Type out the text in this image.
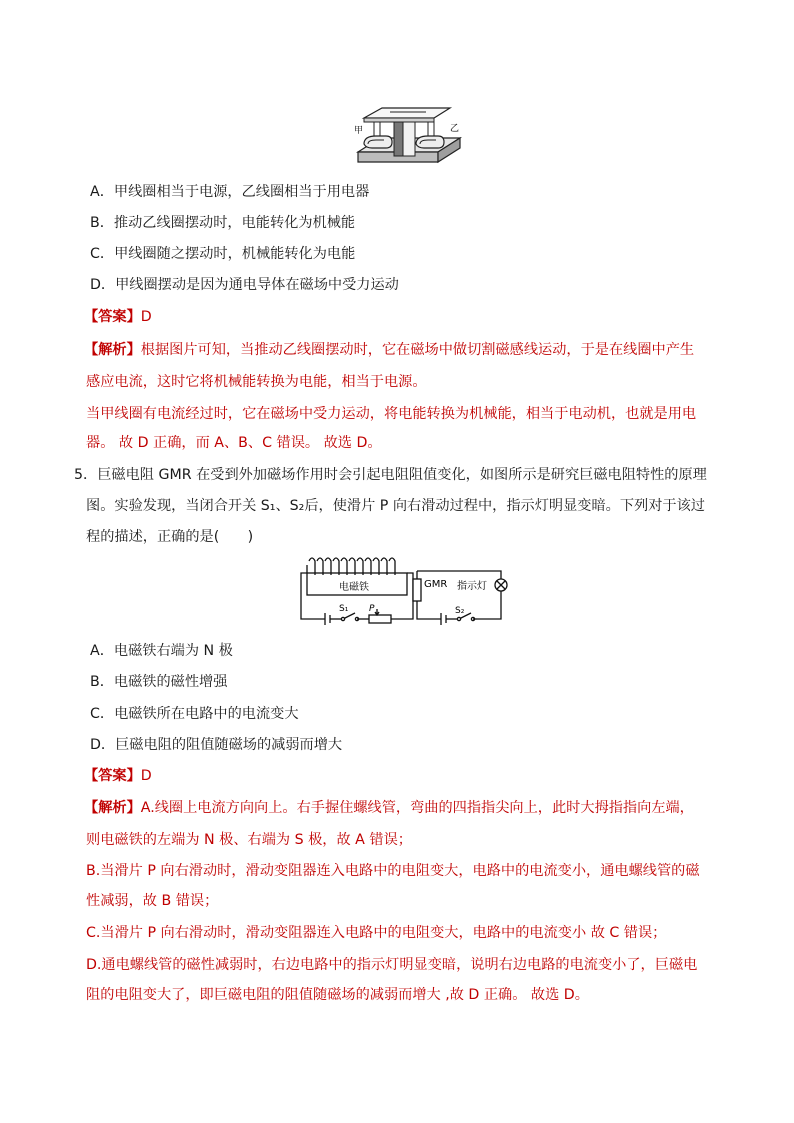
甲	乙
A．甲线圈相当于电源，乙线圈相当于用电器
B．推动乙线圈摆动时，电能转化为机械能
C．甲线圈随之摆动时，机械能转化为电能
D．甲线圈摆动是因为通电导体在磁场中受力运动
【答案】D
【解析】根据图片可知，当推动乙线圈摆动时，它在磁场中做切割磁感线运动，于是在线圈中产生
感应电流，这时它将机械能转换为电能，相当于电源。
当甲线圈有电流经过时，它在磁场中受力运动，将电能转换为机械能，相当于电动机，也就是用电
器。 故 D 正确，而 A、B、C 错误。 故选 D。
5．巨磁电阻 GMR 在受到外加磁场作用时会引起电阻阻值变化，如图所示是研究巨磁电阻特性的原理
图。实验发现，当闭合开关 S₁、S₂后，使滑片 P 向右滑动过程中，指示灯明显变暗。下列对于该过
程的描述，正确的是(　　)
电磁铁
S₁ P
GMR 指示灯
S₂
A．电磁铁右端为 N 极
B．电磁铁的磁性增强
C．电磁铁所在电路中的电流变大
D．巨磁电阻的阻值随磁场的减弱而增大
【答案】D
【解析】A.线圈上电流方向向上。右手握住螺线管，弯曲的四指指尖向上，此时大拇指指向左端，
则电磁铁的左端为 N 极、右端为 S 极，故 A 错误；
B.当滑片 P 向右滑动时，滑动变阻器连入电路中的电阻变大，电路中的电流变小，通电螺线管的磁
性减弱，故 B 错误；
C.当滑片 P 向右滑动时，滑动变阻器连入电路中的电阻变大，电路中的电流变小 故 C 错误；
D.通电螺线管的磁性减弱时，右边电路中的指示灯明显变暗，说明右边电路的电流变小了，巨磁电
阻的电阻变大了，即巨磁电阻的阻值随磁场的减弱而增大 ,故 D 正确。 故选 D。
